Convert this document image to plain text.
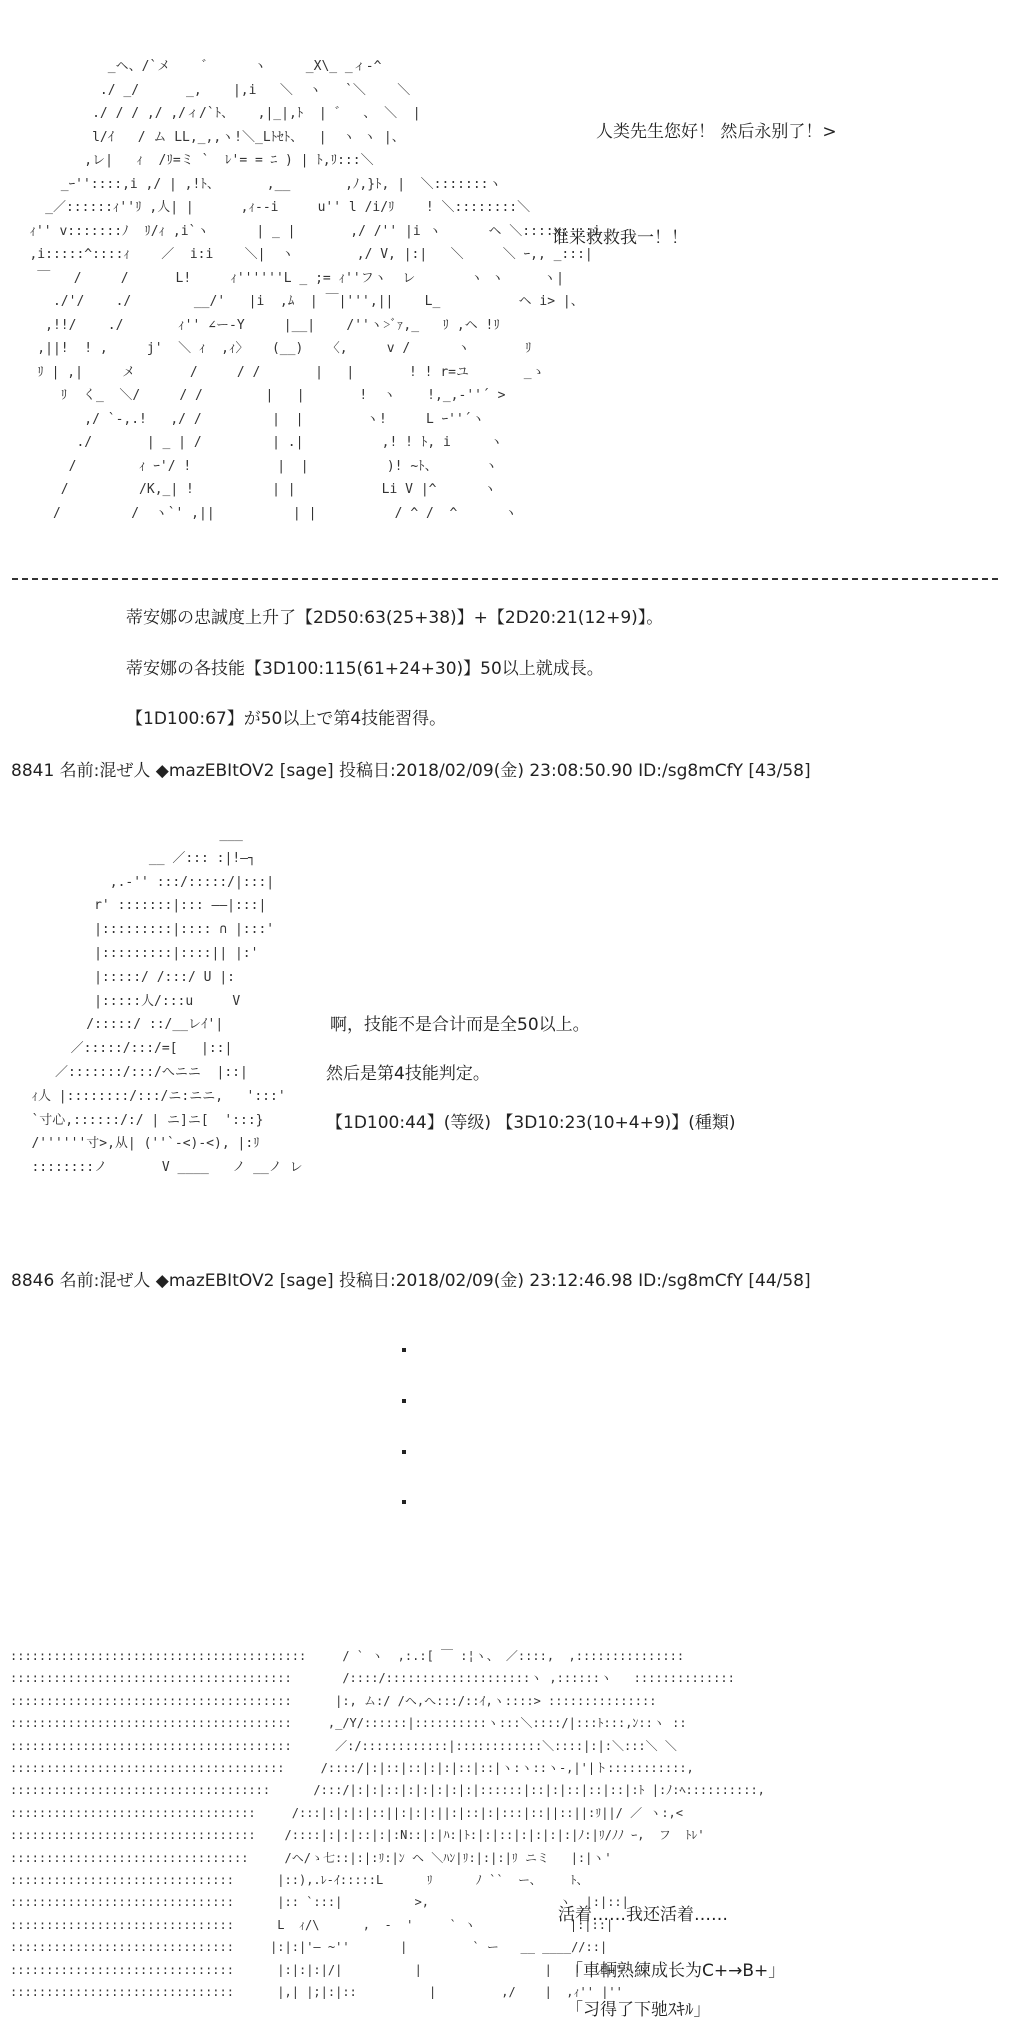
_ヘ、/`メ    ゛     ヽ     _X\_ _ィ-^
./ _/      _,    |,i   ＼  ヽ   `＼    ＼
./ / / ,/ ,/ィ/`ﾄ、   ,|_|,ﾄ  | ゛  、 ＼  |
l/ｲ   / ム LL,_,,ヽ!＼_Lﾄｾﾄ、  |  ヽ ヽ |、
,レ|   ｨ  /ﾘ=ミ `  ﾚ'= = ﾆ ) | ﾄ,ﾘ:::＼
_ｰ''::::,i ,/ | ,!ﾄ、      ,__       ,ﾉ,}ﾄ, |  ＼:::::::ヽ
_／::::::ｨ''ﾘ ,人| |      ,ｨ--i     u'' l /i/ﾘ    ! ＼::::::::＼
ｨ'' v:::::::ﾉ  ﾘ/ｨ ,i`ヽ      | _ |       ,/ /'' |i ヽ      ヘ ＼::::x::::i
,i:::::^::::ｨ    ／  i:i    ＼|  ヽ        ,/ V, |:|   ＼     ＼ ｰ,, _:::|
￣   /     /      L!     ｨ''''''L _ ;= ｨ''フヽ  レ       ヽ ヽ     ヽ|
./'/    ./        __/'   |i  ,ﾑ  | ￣|''',||    L_          ヘ i> |、
,!!/    ./       ｨ'' ∠ー-Y     |__|    /''ヽ>ﾞｧ,_   ﾘ ,ヘ !ﾘ
,||!  ! ,     j'  ＼ ｨ  ,ｨ〉   (__)   〈,     v /      ヽ       ﾘ
ﾘ | ,|     メ       /     / /       |   |       ! ! r=ユ       _ゝ
ﾘ  く_  ＼/     / /        |   |       !  ヽ    !,_,-''´ >
,/ `-,.!   ,/ /         |  |        ヽ!     L ｰ''´ヽ
./       | _ | /         | .|          ,! ! ﾄ, i     ヽ
/        ｨ ｰ'/ !           |  |          )! ~ﾄ、      ヽ
/         /K,_| !          | |           Li V |^      ヽ
/         /  ヽ`' ,||          | |          / ^ /  ^      ヽ
人类先生您好！ 然后永别了！>
谁来救救我一！！
蒂安娜の忠誠度上升了【2D50:63(25+38)】+【2D20:21(12+9)】。
蒂安娜の各技能【3D100:115(61+24+30)】50以上就成長。
【1D100:67】が50以上で第4技能習得。
8841 名前:混ぜ人 ◆mazEBItOV2 [sage] 投稿日:2018/02/09(金) 23:08:50.90 ID:/sg8mCfY [43/58]
___
__ ／::: :|!—┐
,.-'' :::/:::::/|:::|
r' :::::::|::: ——|:::|
|:::::::::|:::: ∩ |:::'
|:::::::::|::::|| |:'
|:::::/ /:::/ U |:
|:::::人/:::u     V
/:::::/ ::/__レｲ'|
／:::::/:::/=[   |::|
／:::::::/:::/へニニ  |::|
ｨ人 |::::::::/:::/ニ:ニニ,   ':::'
`寸心,::::::/:/ | ニ]ニ[  ':::}
/''''''寸>,从| (''`-<)-<), |:ﾘ
::::::::ノ       V ____   ノ __ノ レ
啊，技能不是合计而是全50以上。
然后是第4技能判定。
【1D100:44】(等级) 【3D10:23(10+4+9)】(種類)
8846 名前:混ぜ人 ◆mazEBItOV2 [sage] 投稿日:2018/02/09(金) 23:12:46.98 ID:/sg8mCfY [44/58]
:::::::::::::::::::::::::::::::::::::::::     / ` ヽ  ,:.:[ ￣ :¦ヽ、 ／::::,  ,:::::::::::::::
:::::::::::::::::::::::::::::::::::::::       /::::/::::::::::::::::::::ヽ ,::::::ヽ   ::::::::::::::
:::::::::::::::::::::::::::::::::::::::      |:, ム:/ /ヘ,へ:::/::ｲ,ヽ::::> :::::::::::::::
:::::::::::::::::::::::::::::::::::::::     ,_/Y/::::::|::::::::::ヽ:::＼::::/|:::ﾄ:::,ﾝ::ヽ ::
:::::::::::::::::::::::::::::::::::::::      ／:/::::::::::::|::::::::::::＼::::|:|:＼:::＼ ＼
::::::::::::::::::::::::::::::::::::::     /::::/|:|::|::|:|:|::|::|ヽ:ヽ::ヽ-,|'|ト:::::::::::,
::::::::::::::::::::::::::::::::::::      /:::/|:|:|::|:|:|:|:|:|::::::|::|:|::|::|::|:ﾄ |:ﾉ:ﾍ::::::::::,
::::::::::::::::::::::::::::::::::     /:::|:|:|:|::||:|:|:||:|::|:|:::|::||::||:ﾘ||/ ／ ヽ:,<
::::::::::::::::::::::::::::::::::    /::::|:|:|::|:|:N::|:|ﾊ:|ﾄ:|:|::|:|:|:|:|ﾉ:|ﾘ/ﾉﾉ ｰ,  フ  ﾄﾚ'
:::::::::::::::::::::::::::::::::     /ヘ/ゝ七::|:|:ﾘ:|ﾝ ヘ ＼ﾊﾝ|ﾘ:|:|:|ﾘ ニミ   |:|ヽ'
:::::::::::::::::::::::::::::::      |::),.ﾚ-ｲ:::::L      ﾘ      ﾉ ``  ー、    ﾄ、
:::::::::::::::::::::::::::::::      |:: `:::|          >,                  ヽ  |:|::|
:::::::::::::::::::::::::::::::      L  ｨ/\      ,  -  '     ` ヽ             |:|::|
:::::::::::::::::::::::::::::::     |:|:|'— ~''       |         ` ー   __ ____//::|
:::::::::::::::::::::::::::::::      |:|:|:|/|          |                 |   |  ／—'
:::::::::::::::::::::::::::::::      |,| |;|:|::          |         ,/    |  ,ｨ'' |''
活着……我还活着……
「車輌熟練成长为C+→B+」
「习得了下驰ｽｷﾙ」
